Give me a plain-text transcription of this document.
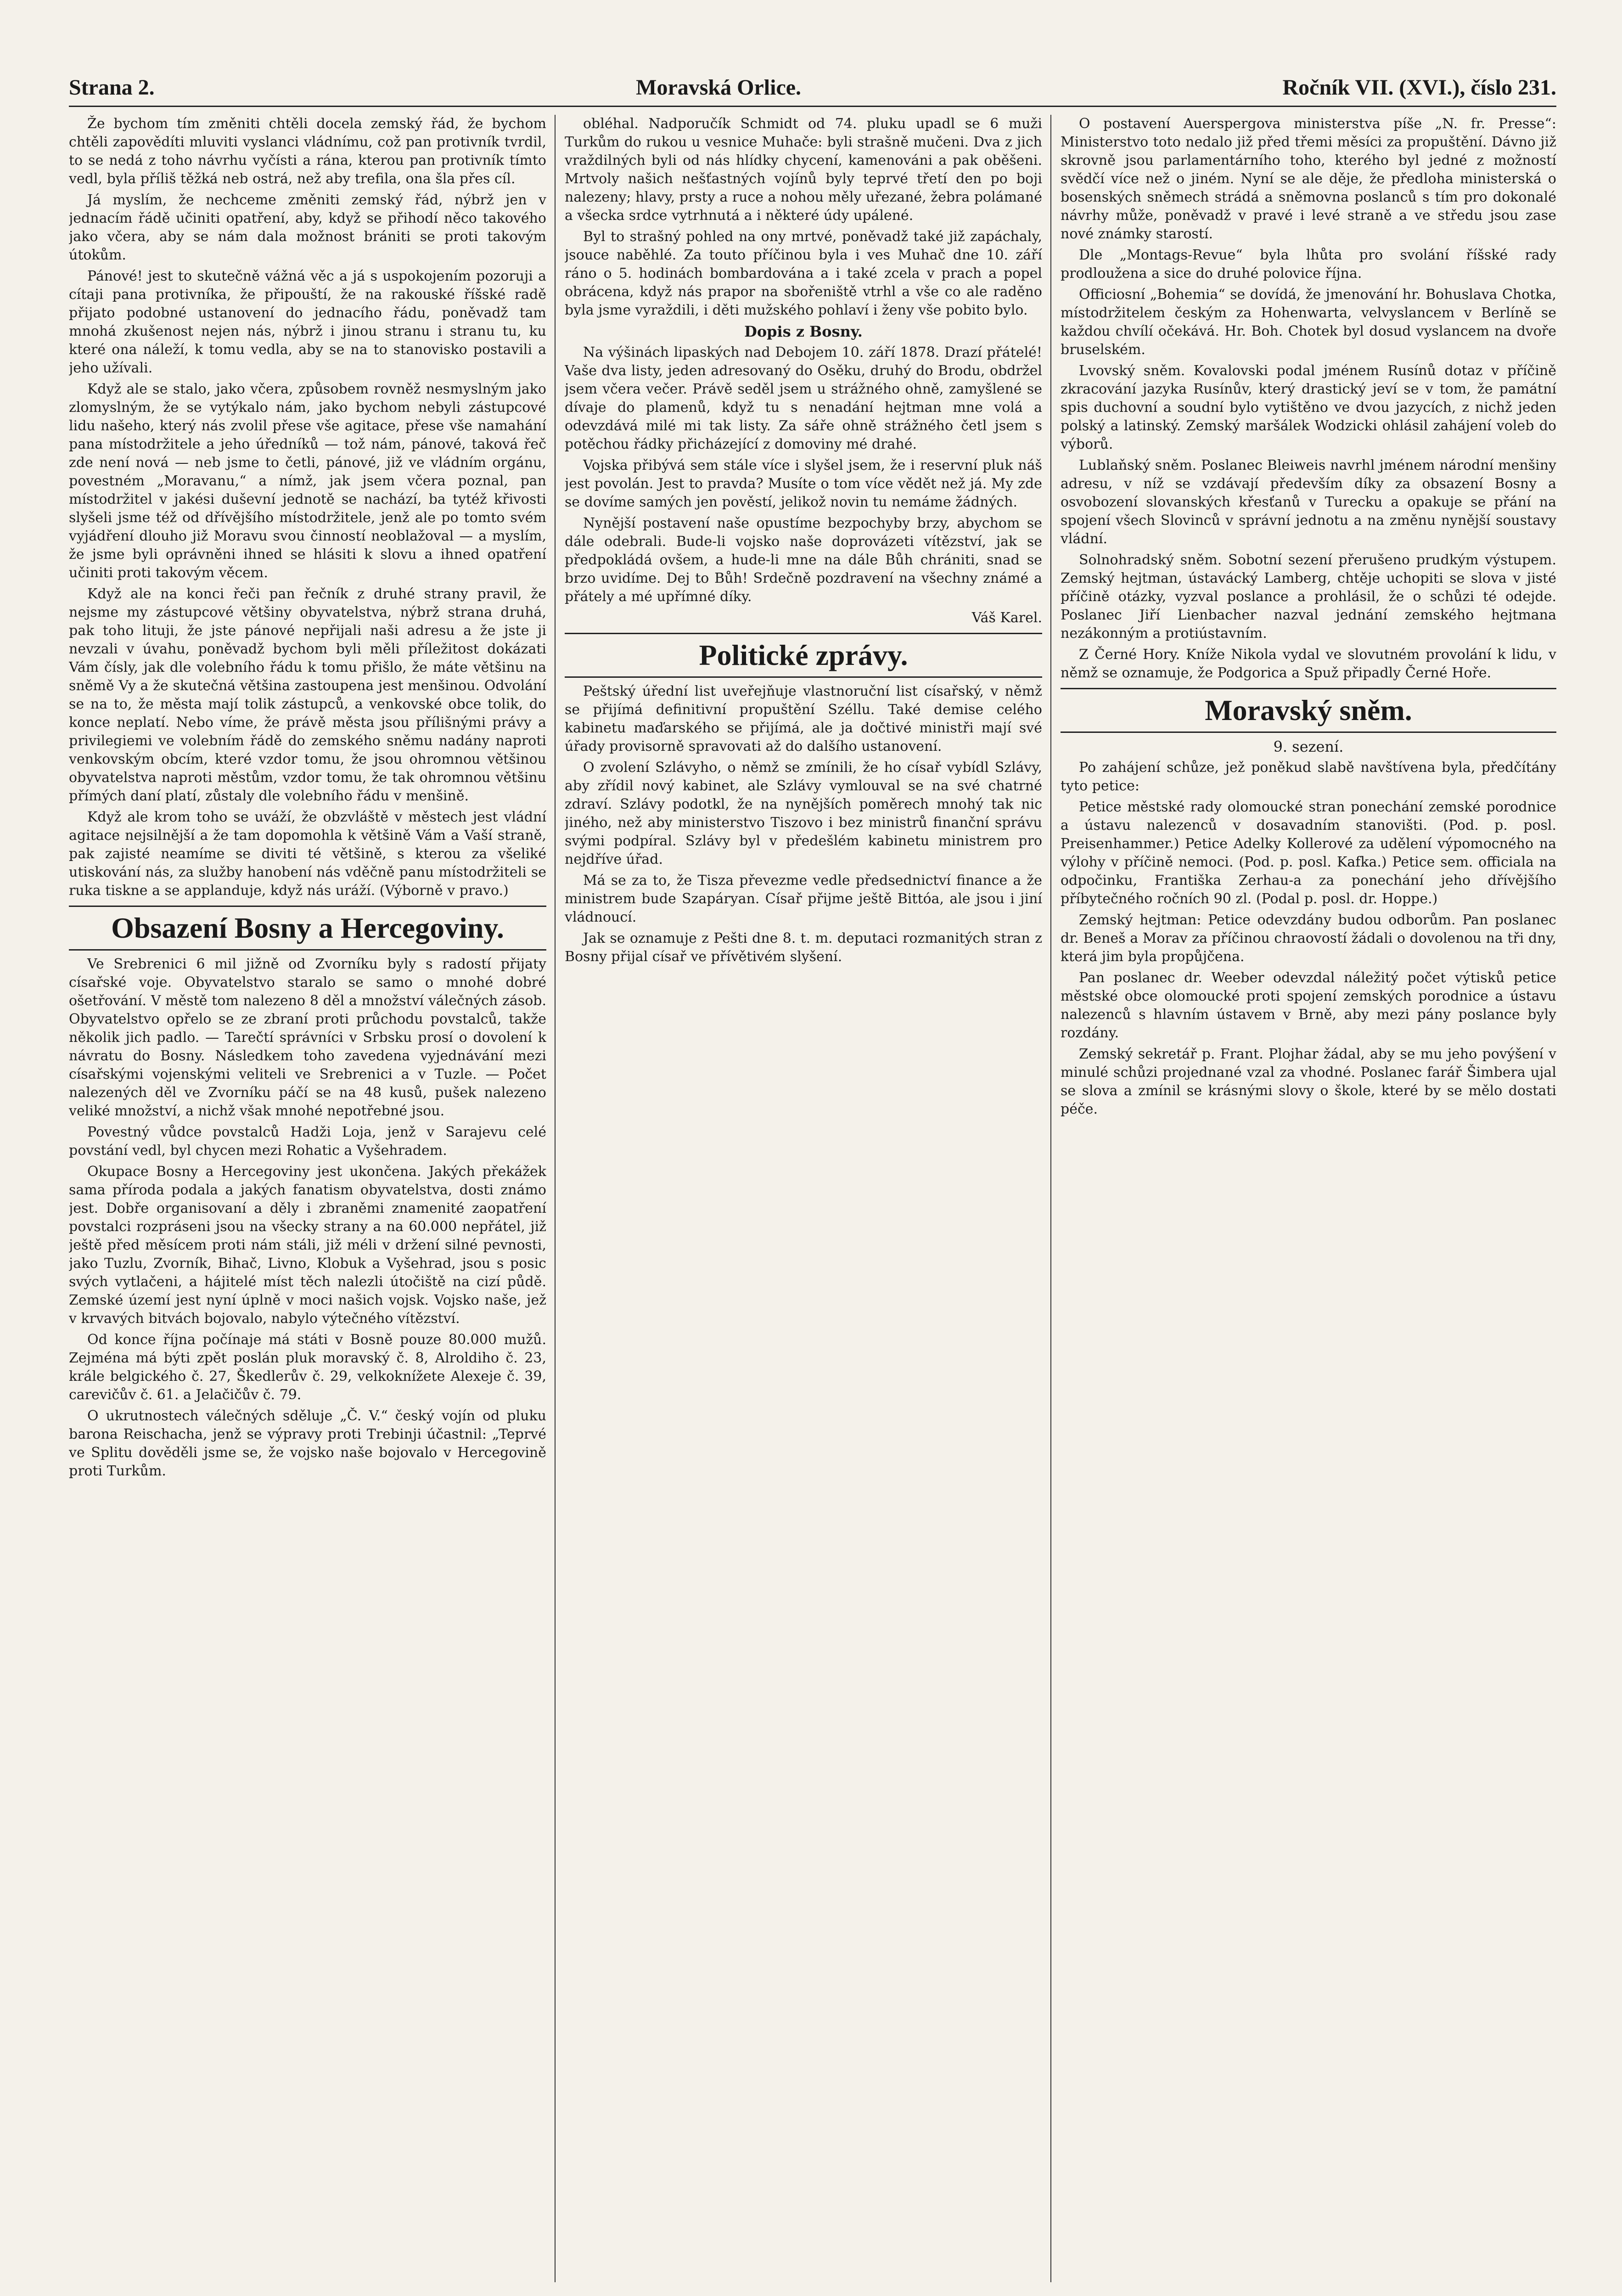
Strana 2.	Moravská Orlice.	Ročník VII. (XVI.), číslo 231.

Že bychom tím změniti chtěli docela zemský řád, že bychom chtěli zapovědíti mluviti vyslanci vládnímu, což pan protivník tvrdil, to se nedá z toho návrhu vyčísti a rána, kterou pan protivník tímto vedl, byla příliš těžká neb ostrá, než aby trefila, ona šla přes cíl.

Já myslím, že nechceme změniti zemský řád, nýbrž jen v jednacím řádě učiniti opatření, aby, když se přihodí něco takového jako včera, aby se nám dala možnost brániti se proti takovým útokům.

Pánové! jest to skutečně vážná věc a já s uspokojením pozoruji a cítaji pana protivníka, že připouští, že na rakouské říšské radě přijato podobné ustanovení do jednacího řádu, poněvadž tam mnohá zkušenost nejen nás, nýbrž i jinou stranu i stranu tu, ku které ona náleží, k tomu vedla, aby se na to stanovisko postavili a jeho užívali.

Když ale se stalo, jako včera, způsobem rovněž nesmyslným jako zlomyslným, že se vytýkalo nám, jako bychom nebyli zástupcové lidu našeho, který nás zvolil přese vše agitace, přese vše namahání pana místodržitele a jeho úředníků — tož nám, pánové, taková řeč zde není nová — neb jsme to četli, pánové, již ve vládním orgánu, povestném „Moravanu,“ a nímž, jak jsem včera poznal, pan místodržitel v jakési duševní jednotě se nachází, ba tytéž křivosti slyšeli jsme též od dřívějšího místodržitele, jenž ale po tomto svém vyjádření dlouho již Moravu svou činností neoblažoval — a myslím, že jsme byli oprávněni ihned se hlásiti k slovu a ihned opatření učiniti proti takovým věcem.

Když ale na konci řeči pan řečník z druhé strany pravil, že nejsme my zástupcové většiny obyvatelstva, nýbrž strana druhá, pak toho lituji, že jste pánové nepřijali naši adresu a že jste ji nevzali v úvahu, poněvadž bychom byli měli příležitost dokázati Vám čísly, jak dle volebního řádu k tomu přišlo, že máte většinu na sněmě Vy a že skutečná většina zastoupena jest menšinou. Odvolání se na to, že města mají tolik zástupců, a venkovské obce tolik, do konce neplatí. Nebo víme, že právě města jsou přílišnými právy a privilegiemi ve volebním řádě do zemského sněmu nadány naproti venkovským obcím, které vzdor tomu, že jsou ohromnou většinou obyvatelstva naproti městům, vzdor tomu, že tak ohromnou většinu přímých daní platí, zůstaly dle volebního řádu v menšině.

Když ale krom toho se uváží, že obzvláště v městech jest vládní agitace nejsilnější a že tam dopomohla k většině Vám a Vaší straně, pak zajisté neamíme se diviti té většině, s kterou za všeliké utiskování nás, za služby hanobení nás vděčně panu místodržiteli se ruka tiskne a se applanduje, když nás uráží. (Výborně v pravo.)

Obsazení Bosny a Hercegoviny.

Ve Srebrenici 6 mil jižně od Zvorníku byly s radostí přijaty císařské voje. Obyvatelstvo staralo se samo o mnohé dobré ošetřování. V městě tom nalezeno 8 děl a množství válečných zásob. Obyvatelstvo opřelo se ze zbraní proti průchodu povstalců, takže několik jich padlo. — Tarečtí správníci v Srbsku prosí o dovolení k návratu do Bosny. Následkem toho zavedena vyjednávání mezi císařskými vojenskými veliteli ve Srebrenici a v Tuzle. — Počet nalezených děl ve Zvorníku páčí se na 48 kusů, pušek nalezeno veliké množství, a nichž však mnohé nepotřebné jsou.

Povestný vůdce povstalců Hadži Loja, jenž v Sarajevu celé povstání vedl, byl chycen mezi Rohatic a Vyšehradem.

Okupace Bosny a Hercegoviny jest ukončena. Jakých překážek sama příroda podala a jakých fanatism obyvatelstva, dosti známo jest. Dobře organisovaní a děly i zbraněmi znamenité zaopatření povstalci rozpráseni jsou na všecky strany a na 60.000 nepřátel, již ještě před měsícem proti nám stáli, již méli v držení silné pevnosti, jako Tuzlu, Zvorník, Bihač, Livno, Klobuk a Vyšehrad, jsou s posic svých vytlačeni, a hájitelé míst těch nalezli útočiště na cizí půdě. Zemské území jest nyní úplně v moci našich vojsk. Vojsko naše, jež v krvavých bitvách bojovalo, nabylo výtečného vítězství.

Od konce října počínaje má státi v Bosně pouze 80.000 mužů. Zejména má býti zpět poslán pluk moravský č. 8, Alroldiho č. 23, krále belgického č. 27, Škedlerův č. 29, velkoknížete Alexeje č. 39, carevičův č. 61. a Jelačičův č. 79.

O ukrutnostech válečných sděluje „Č. V.“ český vojín od pluku barona Reischacha, jenž se výpravy proti Trebinji účastnil: „Teprvé ve Splitu dověděli jsme se, že vojsko naše bojovalo v Hercegovině proti Turkům.

obléhal. Nadporučík Schmidt od 74. pluku upadl se 6 muži Turkům do rukou u vesnice Muhače: byli strašně mučeni. Dva z jich vraždilných byli od nás hlídky chycení, kamenováni a pak oběšeni. Mrtvoly našich nešťastných vojínů byly teprvé třetí den po boji nalezeny; hlavy, prsty a ruce a nohou měly uřezané, žebra polámané a všecka srdce vytrhnutá a i některé údy upálené.

Byl to strašný pohled na ony mrtvé, poněvadž také již zapáchaly, jsouce naběhlé. Za touto příčinou byla i ves Muhač dne 10. září ráno o 5. hodinách bombardována a i také zcela v prach a popel obrácena, když nás prapor na sbořeniště vtrhl a vše co ale raděno byla jsme vyraždili, i děti mužského pohlaví i ženy vše pobito bylo.

Dopis z Bosny.

Na výšinách lipaských nad Debojem 10. září 1878. Drazí přátelé! Vaše dva listy, jeden adresovaný do Osěku, druhý do Brodu, obdržel jsem včera večer. Právě seděl jsem u strážného ohně, zamyšlené se dívaje do plamenů, když tu s nenadání hejtman mne volá a odevzdává milé mi tak listy. Za sáře ohně strážného četl jsem s potěchou řádky přicházející z domoviny mé drahé.

Vojska přibývá sem stále více i slyšel jsem, že i reservní pluk náš jest povolán. Jest to pravda? Musíte o tom více vědět než já. My zde se dovíme samých jen pověstí, jelikož novin tu nemáme žádných.

Nynější postavení naše opustíme bezpochyby brzy, abychom se dále odebrali. Bude-li vojsko naše doprovázeti vítězství, jak se předpokládá ovšem, a hude-li mne na dále Bůh chrániti, snad se brzo uvidíme. Dej to Bůh! Srdečně pozdravení na všechny známé a přátely a mé upřímné díky.

Váš Karel.
Politické zprávy.

Peštský úřední list uveřejňuje vlastnoruční list císařský, v němž se přijímá definitivní propuštění Széllu. Také demise celého kabinetu maďarského se přijímá, ale ja dočtivé ministři mají své úřady provisorně spravovati až do dalšího ustanovení.

O zvolení Szlávyho, o němž se zmínili, že ho císař vybídl Szlávy, aby zřídil nový kabinet, ale Szlávy vymlouval se na své chatrné zdraví. Szlávy podotkl, že na nynějších poměrech mnohý tak nic jiného, než aby ministerstvo Tiszovo i bez ministrů finanční správu svými podpíral. Szlávy byl v předešlém kabinetu ministrem pro nejdříve úřad.

Má se za to, že Tisza převezme vedle předsednictví finance a že ministrem bude Szapáryan. Císař přijme ještě Bittóa, ale jsou i jiní vládnoucí.

Jak se oznamuje z Pešti dne 8. t. m. deputaci rozmanitých stran z Bosny přijal císař ve přívětivém slyšení.

O postavení Auerspergova ministerstva píše „N. fr. Presse“: Ministerstvo toto nedalo již před třemi měsíci za propuštění. Dávno již skrovně jsou parlamentárního toho, kterého byl jedné z možností svědčí více než o jiném. Nyní se ale děje, že předloha ministerská o bosenských sněmech strádá a sněmovna poslanců s tím pro dokonalé návrhy může, poněvadž v pravé i levé straně a ve středu jsou zase nové známky starostí.

Dle „Montags-Revue“ byla lhůta pro svolání říšské rady prodloužena a sice do druhé polovice října.

Officiosní „Bohemia“ se dovídá, že jmenování hr. Bohuslava Chotka, místodržitelem českým za Hohenwarta, velvyslancem v Berlíně se každou chvílí očekává. Hr. Boh. Chotek byl dosud vyslancem na dvoře bruselském.

Lvovský sněm. Kovalovski podal jménem Rusínů dotaz v příčině zkracování jazyka Rusínův, který drastický jeví se v tom, že památní spis duchovní a soudní bylo vytištěno ve dvou jazycích, z nichž jeden polský a latinský. Zemský maršálek Wodzicki ohlásil zahájení voleb do výborů.

Lublaňský sněm. Poslanec Bleiweis navrhl jménem národní menšiny adresu, v níž se vzdávají především díky za obsazení Bosny a osvobození slovanských křesťanů v Turecku a opakuje se přání na spojení všech Slovinců v správní jednotu a na změnu nynější soustavy vládní.

Solnohradský sněm. Sobotní sezení přerušeno prudkým výstupem. Zemský hejtman, ústavácký Lamberg, chtěje uchopiti se slova v jisté příčině otázky, vyzval poslance a prohlásil, že o schůzi té odejde. Poslanec Jiří Lienbacher nazval jednání zemského hejtmana nezákonným a protiústavním.

Z Černé Hory. Kníže Nikola vydal ve slovutném provolání k lidu, v němž se oznamuje, že Podgorica a Spuž připadly Černé Hoře.

Moravský sněm.
9. sezení.

Po zahájení schůze, jež poněkud slabě navštívena byla, předčítány tyto petice:

Petice městské rady olomoucké stran ponechání zemské porodnice a ústavu nalezenců v dosavadním stanovišti. (Pod. p. posl. Preisenhammer.) Petice Adelky Kollerové za udělení výpomocného na výlohy v příčině nemoci. (Pod. p. posl. Kafka.) Petice sem. officiala na odpočinku, Františka Zerhau-a za ponechání jeho dřívějšího příbytečného ročních 90 zl. (Podal p. posl. dr. Hoppe.)

Zemský hejtman: Petice odevzdány budou odborům. Pan poslanec dr. Beneš a Morav za příčinou chraovostí žádali o dovolenou na tři dny, která jim byla propůjčena.

Pan poslanec dr. Weeber odevzdal náležitý počet výtisků petice městské obce olomoucké proti spojení zemských porodnice a ústavu nalezenců s hlavním ústavem v Brně, aby mezi pány poslance byly rozdány.

Zemský sekretář p. Frant. Plojhar žádal, aby se mu jeho povýšení v minulé schůzi projednané vzal za vhodné. Poslanec farář Šimbera ujal se slova a zmínil se krásnými slovy o škole, které by se mělo dostati péče.
